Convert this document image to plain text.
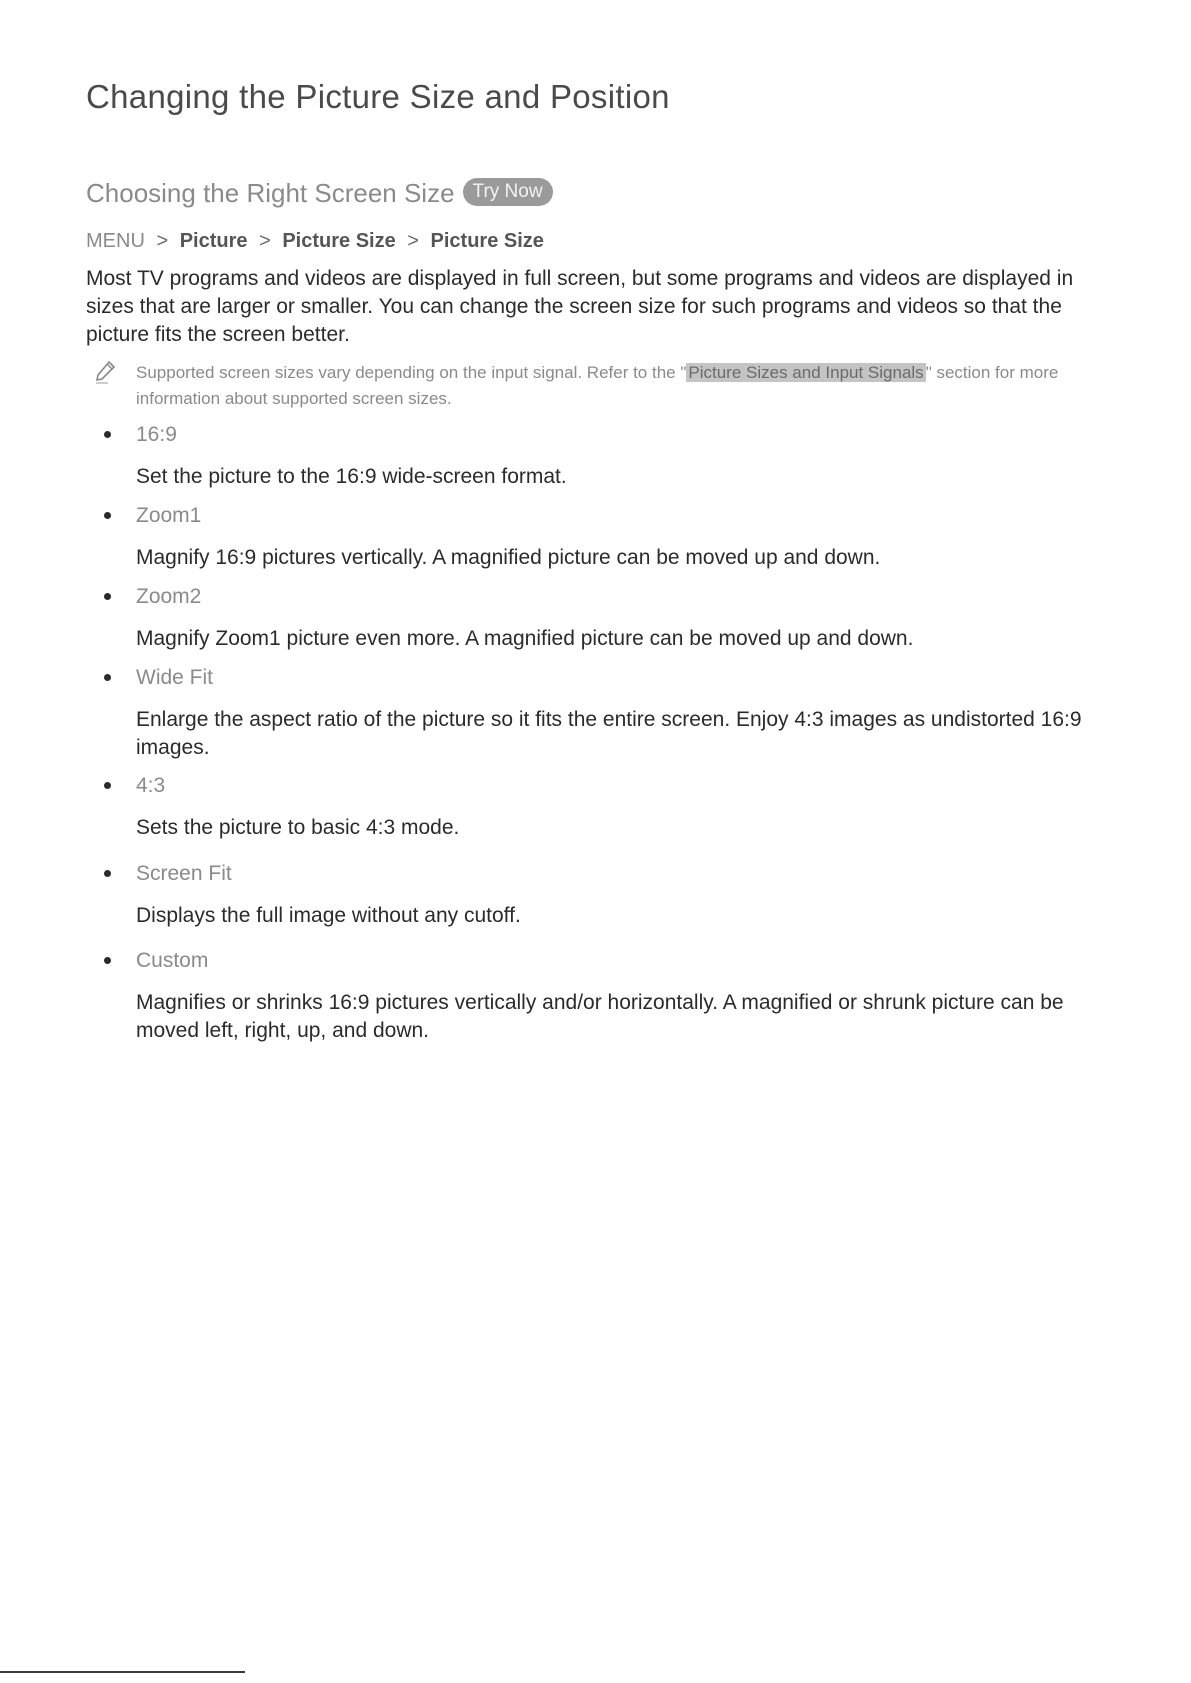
Changing the Picture Size and Position
Choosing the Right Screen Size Try Now
MENU > Picture > Picture Size > Picture Size

Most TV programs and videos are displayed in full screen, but some programs and videos are displayed in sizes that are larger or smaller. You can change the screen size for such programs and videos so that the picture fits the screen better.

Supported screen sizes vary depending on the input signal. Refer to the " Picture Sizes and Input Signals " section for more information about supported screen sizes.

16:9

Set the picture to the 16:9 wide-screen format.

Zoom1

Magnify 16:9 pictures vertically. A magnified picture can be moved up and down.

Zoom2

Magnify Zoom1 picture even more. A magnified picture can be moved up and down.

Wide Fit

Enlarge the aspect ratio of the picture so it fits the entire screen. Enjoy 4:3 images as undistorted 16:9 images.

4:3

Sets the picture to basic 4:3 mode.

Screen Fit

Displays the full image without any cutoff.

Custom

Magnifies or shrinks 16:9 pictures vertically and/or horizontally. A magnified or shrunk picture can be moved left, right, up, and down.
